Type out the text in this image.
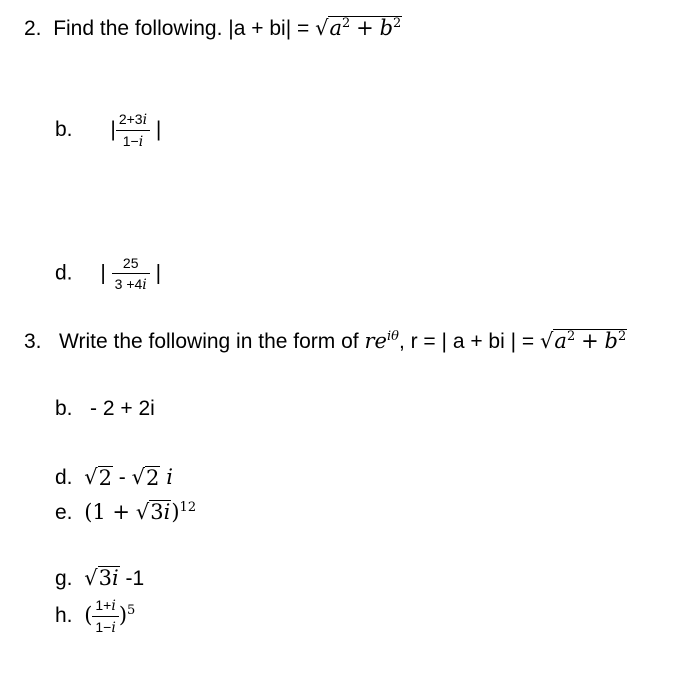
2. Find the following. |a + bi| = √ $a^2 + b^2$
b. | $\frac{2+3i}{1-i}$ |
d. | $\frac{25}{3 +4i}$ |
3. Write the following in the form of $re^{i\theta}$, r = | a + bi | = √ $a^2 + b^2$
b. - 2 + 2i
d. √ 2 - √ 2 i
e. (1 + √ 3i )$^{12}$
g. √ 3i -1
h. ( $\frac{1+i}{1-i} )^5$
